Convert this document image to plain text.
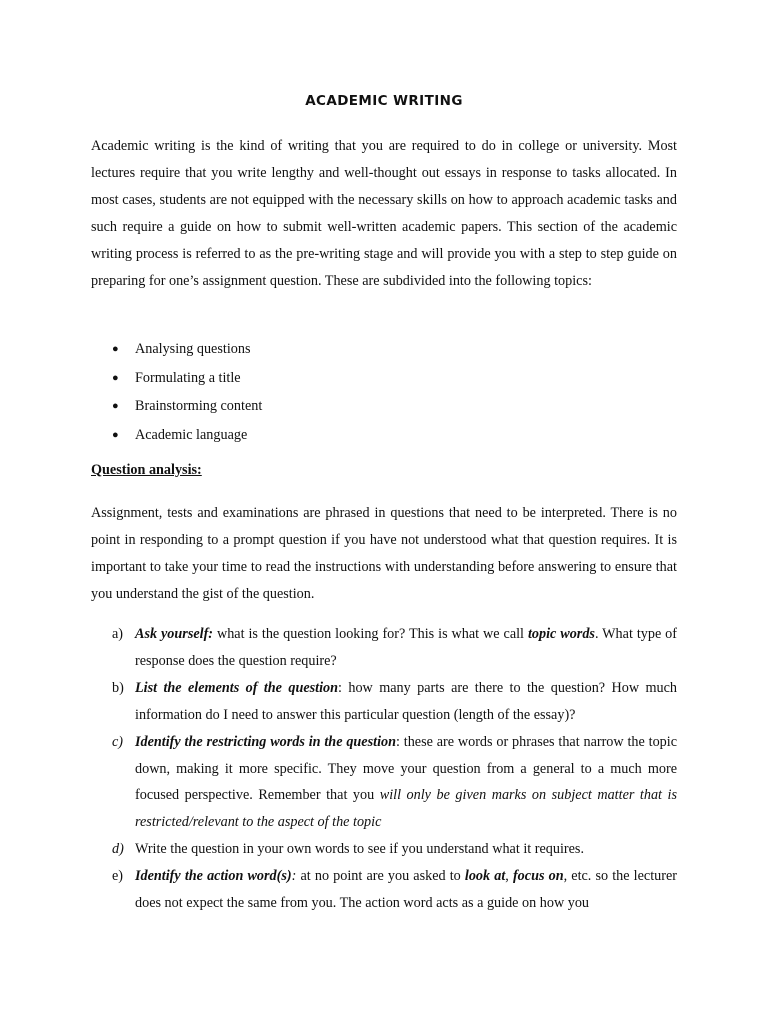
ACADEMIC WRITING

Academic writing is the kind of writing that you are required to do in college or university. Most lectures require that you write lengthy and well-thought out essays in response to tasks allocated. In most cases, students are not equipped with the necessary skills on how to approach academic tasks and such require a guide on how to submit well-written academic papers. This section of the academic writing process is referred to as the pre-writing stage and will provide you with a step to step guide on preparing for one’s assignment question. These are subdivided into the following topics:

● Analysing questions
● Formulating a title
● Brainstorming content
● Academic language

Question analysis:

Assignment, tests and examinations are phrased in questions that need to be interpreted. There is no point in responding to a prompt question if you have not understood what that question requires. It is important to take your time to read the instructions with understanding before answering to ensure that you understand the gist of the question.

a) Ask yourself: what is the question looking for? This is what we call topic words. What type of response does the question require?
b) List the elements of the question: how many parts are there to the question? How much information do I need to answer this particular question (length of the essay)?
c) Identify the restricting words in the question: these are words or phrases that narrow the topic down, making it more specific. They move your question from a general to a much more focused perspective. Remember that you will only be given marks on subject matter that is restricted/relevant to the aspect of the topic
d) Write the question in your own words to see if you understand what it requires.
e) Identify the action word(s): at no point are you asked to look at, focus on, etc. so the lecturer does not expect the same from you. The action word acts as a guide on how you
